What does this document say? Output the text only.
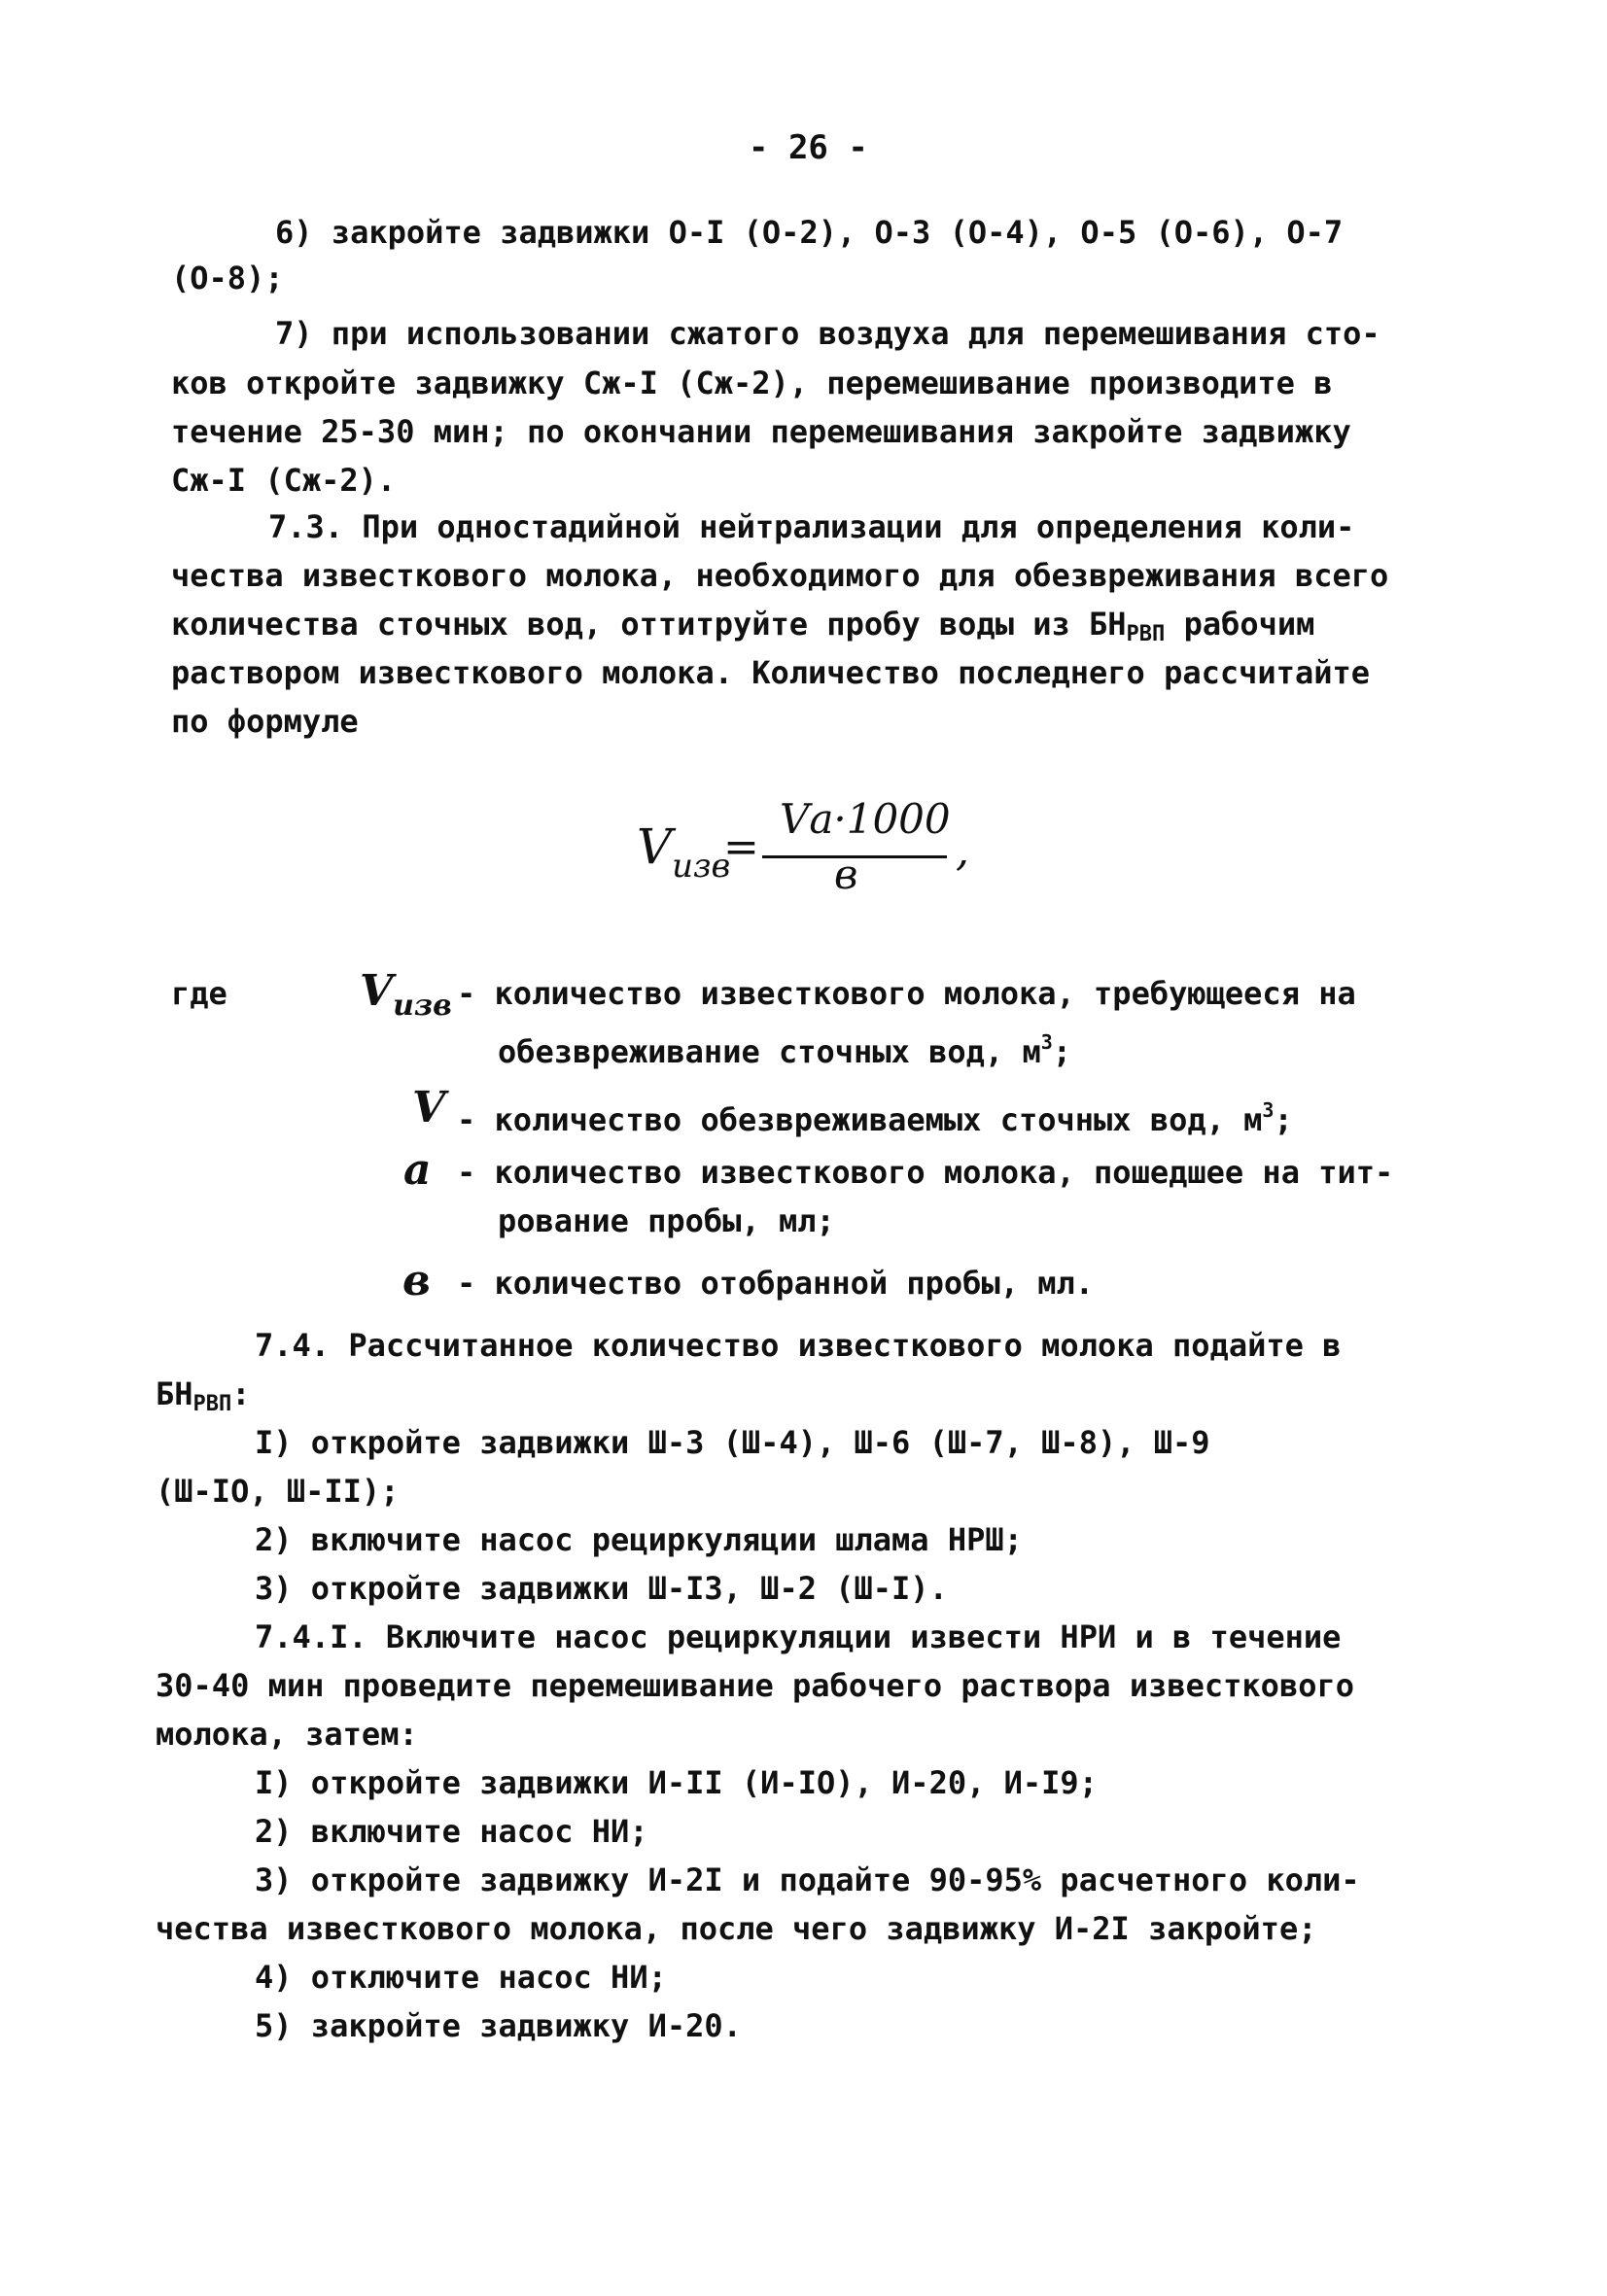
- 26 -
6) закройте задвижки О-I (О-2), О-3 (О-4), О-5 (О-6), О-7
(О-8);
7) при использовании сжатого воздуха для перемешивания сто-
ков откройте задвижку Сж-I (Сж-2), перемешивание производите в
течение 25-30 мин; по окончании перемешивания закройте задвижку
Сж-I (Сж-2).
7.3. При одностадийной нейтрализации для определения коли-
чества известкового молока, необходимого для обезвреживания всего
количества сточных вод, оттитруйте пробу воды из $БН_{РВП}$ рабочим
раствором известкового молока. Количество последнего рассчитайте
по формуле
$V_{изв}$
=
Vа·1000
в ,
где	$V_{изв}$ - количество известкового молока, требующееся на
обезвреживание сточных вод, $м^3$;
V - количество обезвреживаемых сточных вод, $м^3$;
а - количество известкового молока, пошедшее на тит-
рование пробы, мл;
в - количество отобранной пробы, мл.
7.4. Рассчитанное количество известкового молока подайте в
$БН_{РВП}$:
I) откройте задвижки Ш-3 (Ш-4), Ш-6 (Ш-7, Ш-8), Ш-9
(Ш-IO, Ш-II);
2) включите насос рециркуляции шлама НРШ;
3) откройте задвижки Ш-I3, Ш-2 (Ш-I).
7.4.I. Включите насос рециркуляции извести НРИ и в течение
30-40 мин проведите перемешивание рабочего раствора известкового
молока, затем:
I) откройте задвижки И-II (И-IO), И-20, И-I9;
2) включите насос НИ;
3) откройте задвижку И-2I и подайте 90-95% расчетного коли-
чества известкового молока, после чего задвижку И-2I закройте;
4) отключите насос НИ;
5) закройте задвижку И-20.
